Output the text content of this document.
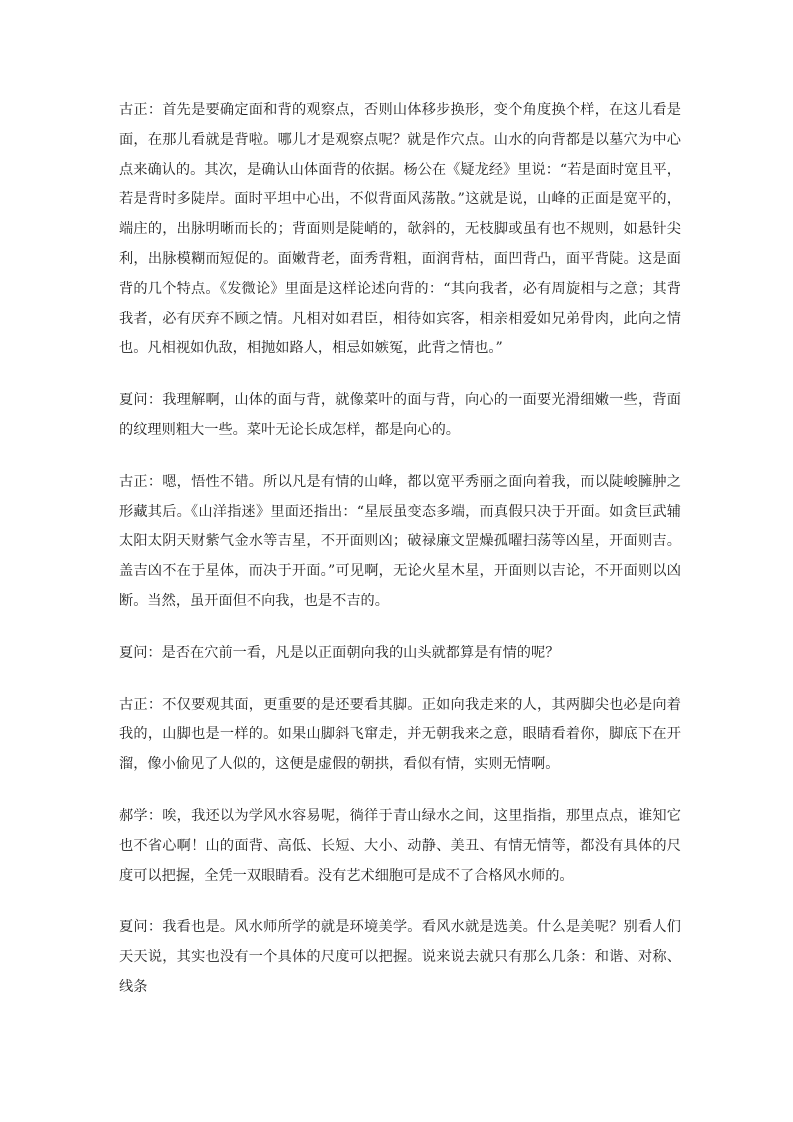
古正：首先是要确定面和背的观察点，否则山体移步换形，变个角度换个样，在这儿看是面，在那儿看就是背啦。哪儿才是观察点呢？就是作穴点。山水的向背都是以墓穴为中心点来确认的。其次，是确认山体面背的依据。杨公在《疑龙经》里说：“若是面时宽且平，若是背时多陡岸。面时平坦中心出，不似背面风荡散。”这就是说，山峰的正面是宽平的，端庄的，出脉明晰而长的；背面则是陡峭的，欹斜的，无枝脚或虽有也不规则，如悬针尖利，出脉模糊而短促的。面嫩背老，面秀背粗，面润背枯，面凹背凸，面平背陡。这是面背的几个特点。《发微论》里面是这样论述向背的：“其向我者，必有周旋相与之意；其背我者，必有厌弃不顾之情。凡相对如君臣，相待如宾客，相亲相爱如兄弟骨肉，此向之情也。凡相视如仇敌，相抛如路人，相忌如嫉冤，此背之情也。”

夏问：我理解啊，山体的面与背，就像菜叶的面与背，向心的一面要光滑细嫩一些，背面的纹理则粗大一些。菜叶无论长成怎样，都是向心的。

古正：嗯，悟性不错。所以凡是有情的山峰，都以宽平秀丽之面向着我，而以陡峻臃肿之形藏其后。《山洋指迷》里面还指出：“星辰虽变态多端，而真假只决于开面。如贪巨武辅太阳太阴天财紫气金水等吉星，不开面则凶；破禄廉文罡燥孤曜扫荡等凶星，开面则吉。盖吉凶不在于星体，而决于开面。”可见啊，无论火星木星，开面则以吉论，不开面则以凶断。当然，虽开面但不向我，也是不吉的。

夏问：是否在穴前一看，凡是以正面朝向我的山头就都算是有情的呢？

古正：不仅要观其面，更重要的是还要看其脚。正如向我走来的人，其两脚尖也必是向着我的，山脚也是一样的。如果山脚斜飞窜走，并无朝我来之意，眼睛看着你，脚底下在开溜，像小偷见了人似的，这便是虚假的朝拱，看似有情，实则无情啊。

郝学：唉，我还以为学风水容易呢，徜徉于青山绿水之间，这里指指，那里点点，谁知它也不省心啊！山的面背、高低、长短、大小、动静、美丑、有情无情等，都没有具体的尺度可以把握，全凭一双眼睛看。没有艺术细胞可是成不了合格风水师的。

夏问：我看也是。风水师所学的就是环境美学。看风水就是选美。什么是美呢？别看人们天天说，其实也没有一个具体的尺度可以把握。说来说去就只有那么几条：和谐、对称、线条
